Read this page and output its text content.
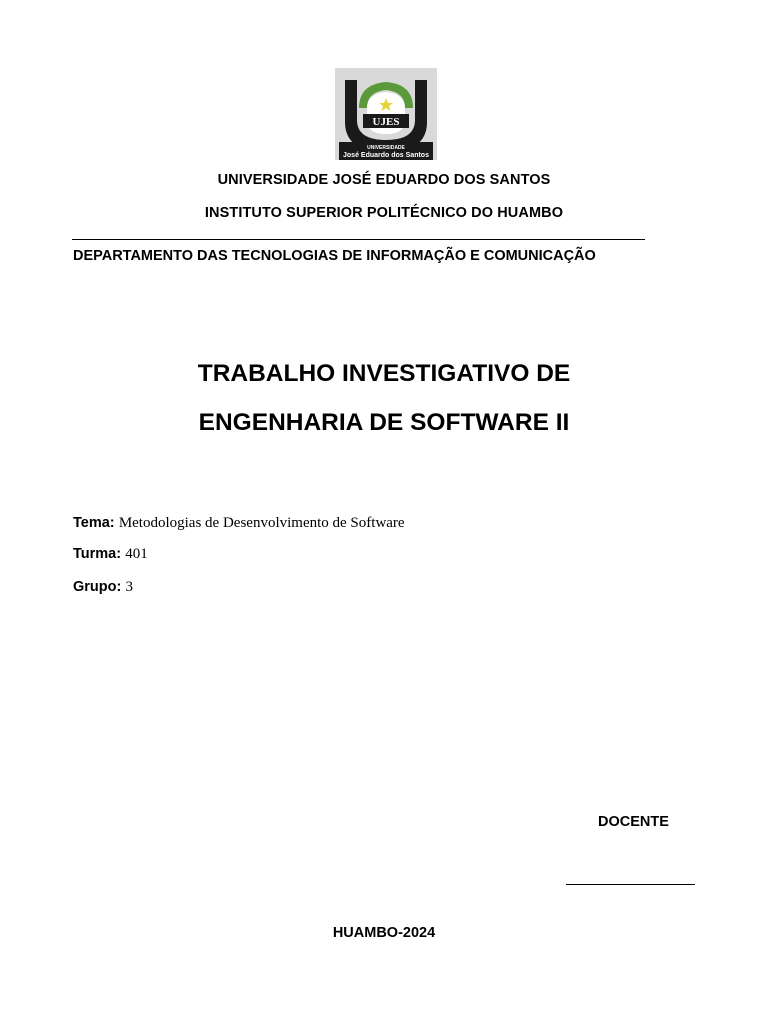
UJES
UNIVERSIDADE
José Eduardo dos Santos
UNIVERSIDADE JOSÉ EDUARDO DOS SANTOS
INSTITUTO SUPERIOR POLITÉCNICO DO HUAMBO
DEPARTAMENTO DAS TECNOLOGIAS DE INFORMAÇÃO E COMUNICAÇÃO
TRABALHO INVESTIGATIVO DE
ENGENHARIA DE SOFTWARE II
Tema: Metodologias de Desenvolvimento de Software
Turma: 401
Grupo: 3
DOCENTE
HUAMBO-2024
